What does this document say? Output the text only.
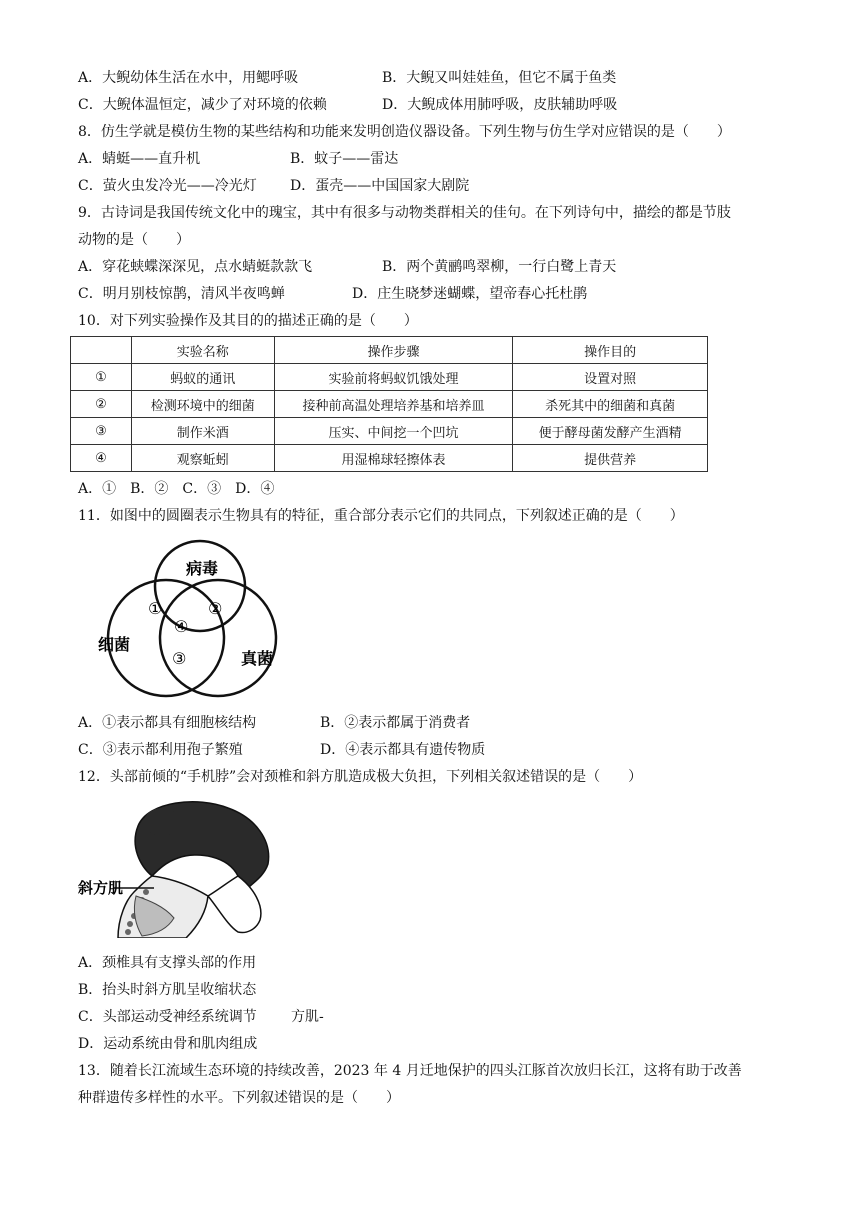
A．大鲵幼体生活在水中，用鳃呼吸	B．大鲵又叫娃娃鱼，但它不属于鱼类
C．大鲵体温恒定，减少了对环境的依赖	D．大鲵成体用肺呼吸，皮肤辅助呼吸
8．仿生学就是模仿生物的某些结构和功能来发明创造仪器设备。下列生物与仿生学对应错误的是（　　）
A．蜻蜓——直升机	B．蚊子——雷达
C．萤火虫发冷光——冷光灯 D．蛋壳——中国国家大剧院
9．古诗词是我国传统文化中的瑰宝，其中有很多与动物类群相关的佳句。在下列诗句中，描绘的都是节肢
动物的是（　　）
A．穿花蛱蝶深深见，点水蜻蜓款款飞	B．两个黄鹂鸣翠柳，一行白鹭上青天
C．明月别枝惊鹊，清风半夜鸣蝉	D．庄生晓梦迷蝴蝶，望帝春心托杜鹃
10．对下列实验操作及其目的的描述正确的是（　　）
	实验名称	操作步骤	操作目的
①	蚂蚁的通讯	实验前将蚂蚁饥饿处理	设置对照
②	检测环境中的细菌	接种前高温处理培养基和培养皿	杀死其中的细菌和真菌
③	制作米酒	压实、中间挖一个凹坑	便于酵母菌发酵产生酒精
④	观察蚯蚓	用湿棉球轻擦体表	提供营养
A．①　B．②　C．③　D．④
11．如图中的圆圈表示生物具有的特征，重合部分表示它们的共同点，下列叙述正确的是（　　）
病毒
细菌
真菌
①	②
④
③
A．①表示都具有细胞核结构	B．②表示都属于消费者
C．③表示都利用孢子繁殖	D．④表示都具有遗传物质
12．头部前倾的“手机脖”会对颈椎和斜方肌造成极大负担，下列相关叙述错误的是（　　）
斜方肌
A．颈椎具有支撑头部的作用
B．抬头时斜方肌呈收缩状态
C．头部运动受神经系统调节 方肌-
D．运动系统由骨和肌肉组成
13．随着长江流域生态环境的持续改善，2023 年 4 月迁地保护的四头江豚首次放归长江，这将有助于改善
种群遗传多样性的水平。下列叙述错误的是（　　）
